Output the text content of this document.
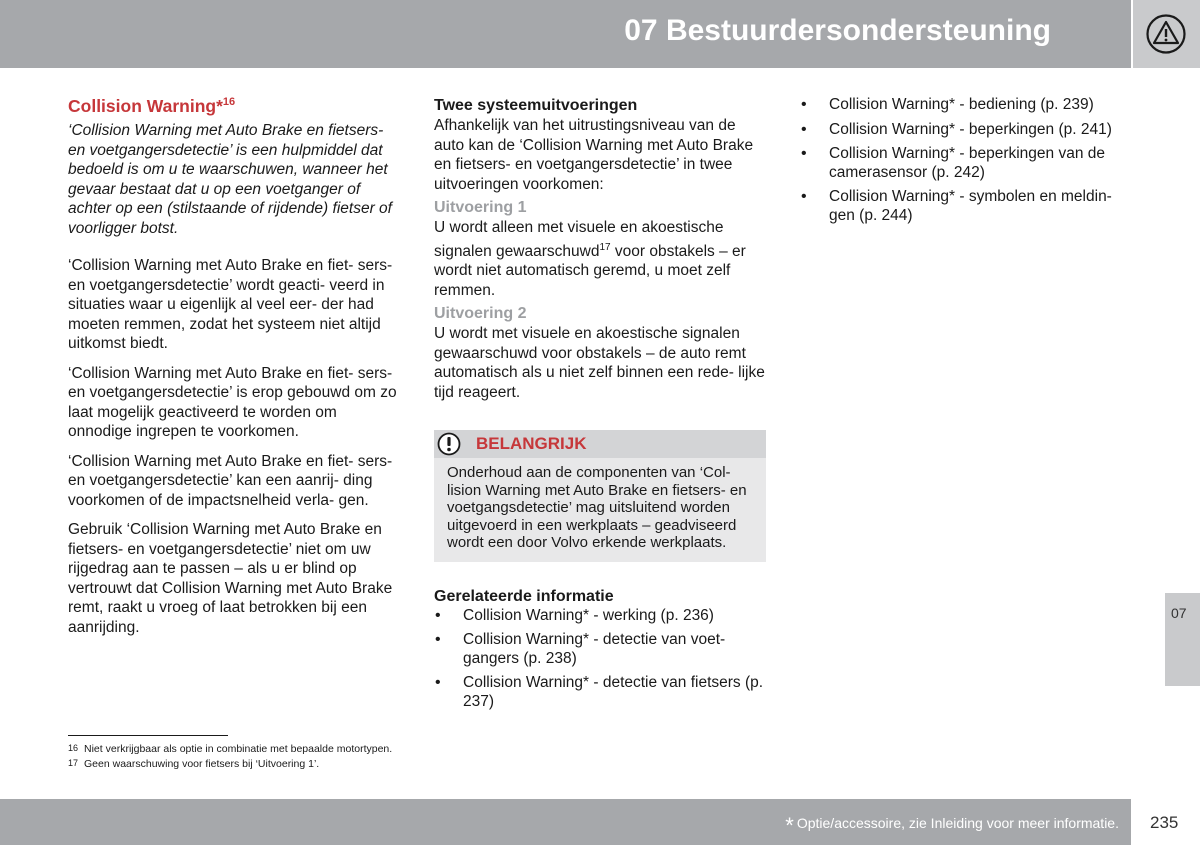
07 Bestuurdersondersteuning
Collision Warning*$^{16}$

‘Collision Warning met Auto Brake en fietsers- en voetgangersdetectie’ is een hulpmiddel dat bedoeld is om u te waarschuwen, wanneer het gevaar bestaat dat u op een voetganger of achter op een (stilstaande of rijdende) fietser of voorligger botst.

‘Collision Warning met Auto Brake en fiet- sers- en voetgangersdetectie’ wordt geacti- veerd in situaties waar u eigenlijk al veel eer- der had moeten remmen, zodat het systeem niet altijd uitkomst biedt.

‘Collision Warning met Auto Brake en fiet- sers- en voetgangersdetectie’ is erop gebouwd om zo laat mogelijk geactiveerd te worden om onnodige ingrepen te voorkomen.

‘Collision Warning met Auto Brake en fiet- sers- en voetgangersdetectie’ kan een aanrij- ding voorkomen of de impactsnelheid verla- gen.

Gebruik ‘Collision Warning met Auto Brake en fietsers- en voetgangersdetectie’ niet om uw rijgedrag aan te passen – als u er blind op vertrouwt dat Collision Warning met Auto Brake remt, raakt u vroeg of laat betrokken bij een aanrijding.

Twee systeemuitvoeringen

Afhankelijk van het uitrustingsniveau van de auto kan de ‘Collision Warning met Auto Brake en fietsers- en voetgangersdetectie’ in twee uitvoeringen voorkomen:

Uitvoering 1

U wordt alleen met visuele en akoestische signalen gewaarschuwd$^{17}$ voor obstakels – er wordt niet automatisch geremd, u moet zelf remmen.

Uitvoering 2

U wordt met visuele en akoestische signalen gewaarschuwd voor obstakels – de auto remt automatisch als u niet zelf binnen een rede- lijke tijd reageert.

BELANGRIJK
Onderhoud aan de componenten van ‘Col- lision Warning met Auto Brake en fietsers- en voetgangsdetectie’ mag uitsluitend worden uitgevoerd in een werkplaats – geadviseerd wordt een door Volvo erkende werkplaats.
Gerelateerde informatie
• Collision Warning* - werking (p. 236)
• Collision Warning* - detectie van voet- gangers (p. 238)
• Collision Warning* - detectie van fietsers (p. 237)
• Collision Warning* - bediening (p. 239)
• Collision Warning* - beperkingen (p. 241)
• Collision Warning* - beperkingen van de camerasensor (p. 242)
• Collision Warning* - symbolen en meldin- gen (p. 244)
$^{16}$ Niet verkrijgbaar als optie in combinatie met bepaalde motortypen.
$^{17}$ Geen waarschuwing voor fietsers bij ‘Uitvoering 1’.
07
* Optie/accessoire, zie Inleiding voor meer informatie. 235
